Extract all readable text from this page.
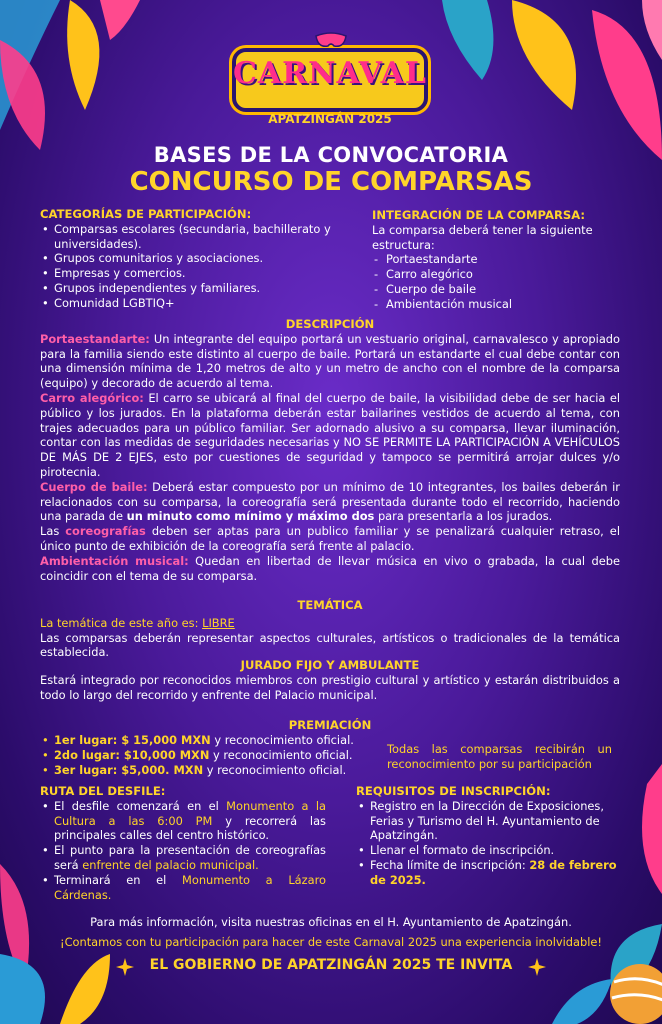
CARNAVAL
APATZINGÁN 2025
BASES DE LA CONVOCATORIA
CONCURSO DE COMPARSAS
CATEGORÍAS DE PARTICIPACIÓN:
• Comparsas escolares (secundaria, bachillerato y universidades).
• Grupos comunitarios y asociaciones.
• Empresas y comercios.
• Grupos independientes y familiares.
• Comunidad LGBTIQ+
INTEGRACIÓN DE LA COMPARSA:
La comparsa deberá tener la siguiente estructura:
- Portaestandarte
- Carro alegórico
- Cuerpo de baile
- Ambientación musical
DESCRIPCIÓN

Portaestandarte: Un integrante del equipo portará un vestuario original, carnavalesco y apropiado para la familia siendo este distinto al cuerpo de baile. Portará un estandarte el cual debe contar con una dimensión mínima de 1,20 metros de alto y un metro de ancho con el nombre de la comparsa (equipo) y decorado de acuerdo al tema.

Carro alegórico: El carro se ubicará al final del cuerpo de baile, la visibilidad debe de ser hacia el público y los jurados. En la plataforma deberán estar bailarines vestidos de acuerdo al tema, con trajes adecuados para un público familiar. Ser adornado alusivo a su comparsa, llevar iluminación, contar con las medidas de seguridades necesarias y NO SE PERMITE LA PARTICIPACIÓN A VEHÍCULOS DE MÁS DE 2 EJES, esto por cuestiones de seguridad y tampoco se permitirá arrojar dulces y/o pirotecnia.

Cuerpo de baile: Deberá estar compuesto por un mínimo de 10 integrantes, los bailes deberán ir relacionados con su comparsa, la coreografía será presentada durante todo el recorrido, haciendo una parada de un minuto como mínimo y máximo dos para presentarla a los jurados.

Las coreografías deben ser aptas para un publico familiar y se penalizará cualquier retraso, el único punto de exhibición de la coreografía será frente al palacio.

Ambientación musical: Quedan en libertad de llevar música en vivo o grabada, la cual debe coincidir con el tema de su comparsa.

TEMÁTICA
La temática de este año es: LIBRE
Las comparsas deberán representar aspectos culturales, artísticos o tradicionales de la temática establecida.
JURADO FIJO Y AMBULANTE
Estará integrado por reconocidos miembros con prestigio cultural y artístico y estarán distribuidos a todo lo largo del recorrido y enfrente del Palacio municipal.
PREMIACIÓN
• 1er lugar: $ 15,000 MXN y reconocimiento oficial.
• 2do lugar: $10,000 MXN y reconocimiento oficial.
• 3er lugar: $5,000. MXN y reconocimiento oficial.
Todas las comparsas recibirán un reconocimiento por su participación
RUTA DEL DESFILE:
• El desfile comenzará en el Monumento a la Cultura a las 6:00 PM y recorrerá las principales calles del centro histórico.
• El punto para la presentación de coreografías será enfrente del palacio municipal.
• Terminará en el Monumento a Lázaro Cárdenas.
REQUISITOS DE INSCRIPCIÓN:
• Registro en la Dirección de Exposiciones, Ferias y Turismo del H. Ayuntamiento de Apatzingán.
• Llenar el formato de inscripción.
• Fecha límite de inscripción: 28 de febrero de 2025.
Para más información, visita nuestras oficinas en el H. Ayuntamiento de Apatzingán.
¡Contamos con tu participación para hacer de este Carnaval 2025 una experiencia inolvidable!
EL GOBIERNO DE APATZINGÁN 2025 TE INVITA
